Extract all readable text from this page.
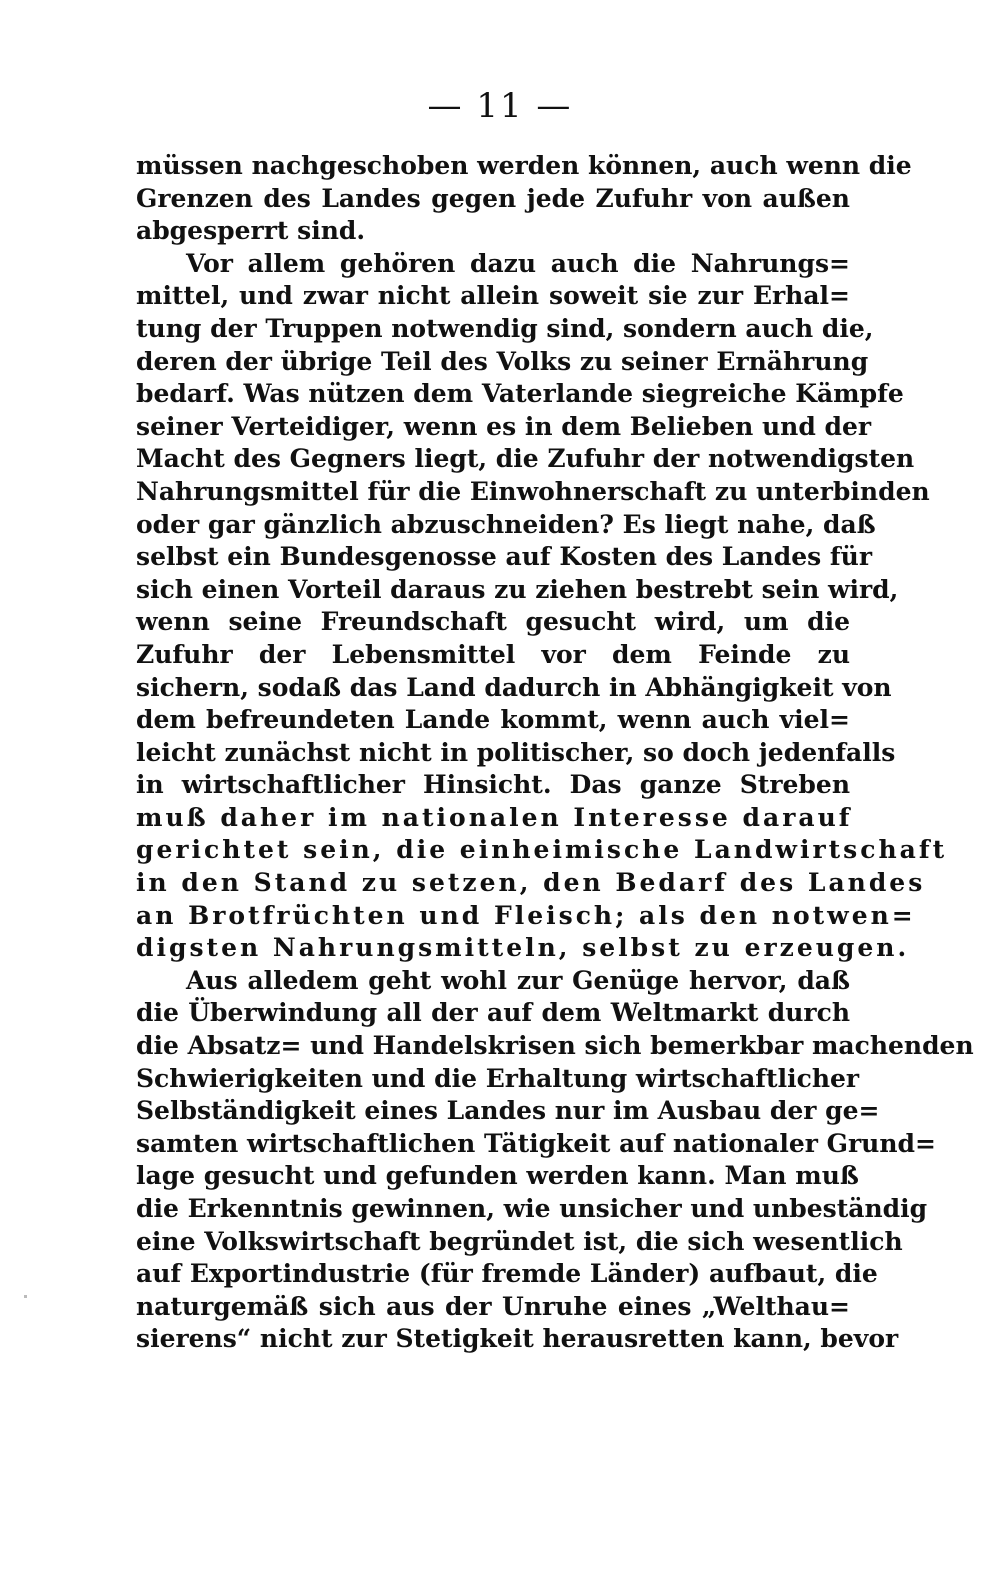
— 11 —
müssen nachgeschoben werden können, auch wenn die
Grenzen des Landes gegen jede Zufuhr von außen
abgesperrt sind.
Vor allem gehören dazu auch die Nahrungs=
mittel, und zwar nicht allein soweit sie zur Erhal=
tung der Truppen notwendig sind, sondern auch die,
deren der übrige Teil des Volks zu seiner Ernährung
bedarf. Was nützen dem Vaterlande siegreiche Kämpfe
seiner Verteidiger, wenn es in dem Belieben und der
Macht des Gegners liegt, die Zufuhr der notwendigsten
Nahrungsmittel für die Einwohnerschaft zu unterbinden
oder gar gänzlich abzuschneiden? Es liegt nahe, daß
selbst ein Bundesgenosse auf Kosten des Landes für
sich einen Vorteil daraus zu ziehen bestrebt sein wird,
wenn seine Freundschaft gesucht wird, um die
Zufuhr der Lebensmittel vor dem Feinde zu
sichern, sodaß das Land dadurch in Abhängigkeit von
dem befreundeten Lande kommt, wenn auch viel=
leicht zunächst nicht in politischer, so doch jedenfalls
in wirtschaftlicher Hinsicht. Das ganze Streben
muß daher im nationalen Interesse darauf
gerichtet sein, die einheimische Landwirtschaft
in den Stand zu setzen, den Bedarf des Landes
an Brotfrüchten und Fleisch; als den notwen=
digsten Nahrungsmitteln, selbst zu erzeugen.
Aus alledem geht wohl zur Genüge hervor, daß
die Überwindung all der auf dem Weltmarkt durch
die Absatz= und Handelskrisen sich bemerkbar machenden
Schwierigkeiten und die Erhaltung wirtschaftlicher
Selbständigkeit eines Landes nur im Ausbau der ge=
samten wirtschaftlichen Tätigkeit auf nationaler Grund=
lage gesucht und gefunden werden kann. Man muß
die Erkenntnis gewinnen, wie unsicher und unbeständig
eine Volkswirtschaft begründet ist, die sich wesentlich
auf Exportindustrie (für fremde Länder) aufbaut, die
naturgemäß sich aus der Unruhe eines „Welthau=
sierens“ nicht zur Stetigkeit herausretten kann, bevor
